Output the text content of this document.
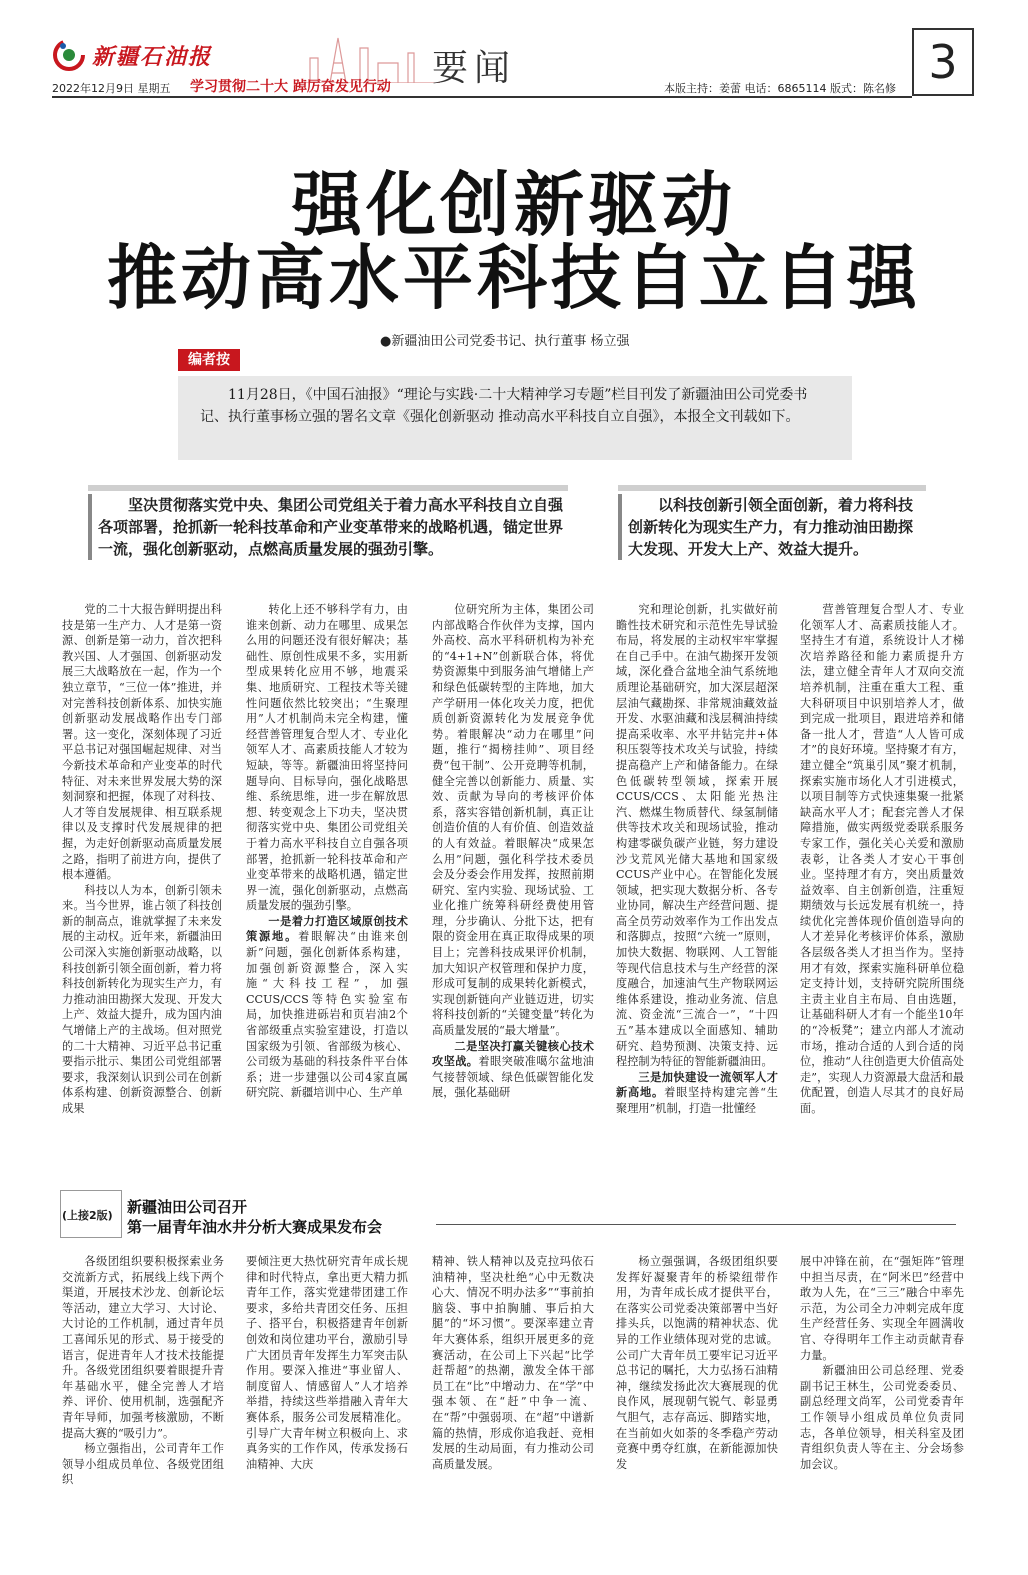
新疆石油报	要闻
2022年12月9日 星期五 学习贯彻二十大 踔厉奋发见行动	本版主持：姜蕾 电话：6865114 版式：陈名修 3
强化创新驱动
推动高水平科技自立自强
●新疆油田公司党委书记、执行董事 杨立强
编者按
11月28日，《中国石油报》“理论与实践·二十大精神学习专题”栏目刊发了新疆油田公司党委书记、执行董事杨立强的署名文章《强化创新驱动 推动高水平科技自立自强》，本报全文刊载如下。
坚决贯彻落实党中央、集团公司党组关于着力高水平科技自立自强各项部署，抢抓新一轮科技革命和产业变革带来的战略机遇，锚定世界一流，强化创新驱动，点燃高质量发展的强劲引擎。
以科技创新引领全面创新，着力将科技创新转化为现实生产力，有力推动油田勘探大发现、开发大上产、效益大提升。

党的二十大报告鲜明提出科技是第一生产力、人才是第一资源、创新是第一动力，首次把科教兴国、人才强国、创新驱动发展三大战略放在一起，作为一个独立章节，“三位一体”推进，并对完善科技创新体系、加快实施创新驱动发展战略作出专门部署。这一变化，深刻体现了习近平总书记对强国崛起规律、对当今新技术革命和产业变革的时代特征、对未来世界发展大势的深刻洞察和把握，体现了对科技、人才等自发展规律、相互联系规律以及支撑时代发展规律的把握，为走好创新驱动高质量发展之路，指明了前进方向，提供了根本遵循。

科技以人为本，创新引领未来。当今世界，谁占领了科技创新的制高点，谁就掌握了未来发展的主动权。近年来，新疆油田公司深入实施创新驱动战略，以科技创新引领全面创新，着力将科技创新转化为现实生产力，有力推动油田勘探大发现、开发大上产、效益大提升，成为国内油气增储上产的主战场。但对照党的二十大精神、习近平总书记重要指示批示、集团公司党组部署要求，我深刻认识到公司在创新体系构建、创新资源整合、创新成果

转化上还不够科学有力，由谁来创新、动力在哪里、成果怎么用的问题还没有很好解决；基础性、原创性成果不多，实用新型成果转化应用不够，地震采集、地质研究、工程技术等关键性问题依然比较突出；“生聚理用”人才机制尚未完全构建，懂经营善管理复合型人才、专业化领军人才、高素质技能人才较为短缺，等等。新疆油田将坚持问题导向、目标导向，强化战略思维、系统思维，进一步在解放思想、转变观念上下功夫，坚决贯彻落实党中央、集团公司党组关于着力高水平科技自立自强各项部署，抢抓新一轮科技革命和产业变革带来的战略机遇，锚定世界一流，强化创新驱动，点燃高质量发展的强劲引擎。

一是着力打造区域原创技术策源地。着眼解决“由谁来创新”问题，强化创新体系构建，加强创新资源整合，深入实施“大科技工程”，加强CCUS/CCS等特色实验室布局，加快推进砾岩和页岩油2个省部级重点实验室建设，打造以国家级为引领、省部级为核心、公司级为基础的科技条件平台体系；进一步建强以公司4家直属研究院、新疆培训中心、生产单

位研究所为主体，集团公司内部战略合作伙伴为支撑，国内外高校、高水平科研机构为补充的“4+1+N”创新联合体，将优势资源集中到服务油气增储上产和绿色低碳转型的主阵地，加大产学研用一体化攻关力度，把优质创新资源转化为发展竞争优势。着眼解决“动力在哪里”问题，推行“揭榜挂帅”、项目经费“包干制”、公开竞聘等机制，健全完善以创新能力、质量、实效、贡献为导向的考核评价体系，落实容错创新机制，真正让创造价值的人有价值、创造效益的人有效益。着眼解决“成果怎么用”问题，强化科学技术委员会及分委会作用发挥，按照前期研究、室内实验、现场试验、工业化推广统筹科研经费使用管理，分步确认、分批下达，把有限的资金用在真正取得成果的项目上；完善科技成果评价机制，加大知识产权管理和保护力度，形成可复制的成果转化新模式，实现创新链向产业链迈进，切实将科技创新的“关键变量”转化为高质量发展的“最大增量”。

二是坚决打赢关键核心技术攻坚战。着眼突破准噶尔盆地油气接替领域、绿色低碳智能化发展，强化基础研

究和理论创新，扎实做好前瞻性技术研究和示范性先导试验布局，将发展的主动权牢牢掌握在自己手中。在油气勘探开发领域，深化叠合盆地全油气系统地质理论基础研究，加大深层超深层油气藏勘探、非常规油藏效益开发、水驱油藏和浅层稠油持续提高采收率、水平井钻完井+体积压裂等技术攻关与试验，持续提高稳产上产和储备能力。在绿色低碳转型领域，探索开展CCUS/CCS、太阳能光热注汽、燃煤生物质替代、绿氢制储供等技术攻关和现场试验，推动构建零碳负碳产业链，努力建设沙戈荒风光储大基地和国家级CCUS产业中心。在智能化发展领域，把实现大数据分析、各专业协同，解决生产经营问题、提高全员劳动效率作为工作出发点和落脚点，按照“六统一”原则，加快大数据、物联网、人工智能等现代信息技术与生产经营的深度融合，加速油气生产物联网运维体系建设，推动业务流、信息流、资金流“三流合一”，“十四五”基本建成以全面感知、辅助研究、趋势预测、决策支持、远程控制为特征的智能新疆油田。

三是加快建设一流领军人才新高地。着眼坚持构建完善“生聚理用”机制，打造一批懂经

营善管理复合型人才、专业化领军人才、高素质技能人才。坚持生才有道，系统设计人才梯次培养路径和能力素质提升方法，建立健全青年人才双向交流培养机制，注重在重大工程、重大科研项目中识别培养人才，做到完成一批项目，跟进培养和储备一批人才，营造“人人皆可成才”的良好环境。坚持聚才有方，建立健全“筑巢引凤”聚才机制，探索实施市场化人才引进模式，以项目制等方式快速集聚一批紧缺高水平人才；配套完善人才保障措施，做实两级党委联系服务专家工作，强化关心关爱和激励表彰，让各类人才安心干事创业。坚持理才有方，突出质量效益效率、自主创新创造，注重短期绩效与长远发展有机统一，持续优化完善体现价值创造导向的人才差异化考核评价体系，激励各层级各类人才担当作为。坚持用才有效，探索实施科研单位稳定支持计划，支持研究院所围绕主责主业自主布局、自由选题，让基础科研人才有一个能坐10年的“冷板凳”；建立内部人才流动市场，推动合适的人到合适的岗位，推动“人往创造更大价值高处走”，实现人力资源最大盘活和最优配置，创造人尽其才的良好局面。

(上接2版) 新疆油田公司召开
第一届青年油水井分析大赛成果发布会

各级团组织要积极探索业务交流新方式，拓展线上线下两个渠道，开展技术沙龙、创新论坛等活动，建立大学习、大讨论、大讨论的工作机制，通过青年员工喜闻乐见的形式、易于接受的语言，促进青年人才技术技能提升。各级党团组织要着眼提升青年基础水平，健全完善人才培养、评价、使用机制，选强配齐青年导师，加强考核激励，不断提高大赛的“吸引力”。

杨立强指出，公司青年工作领导小组成员单位、各级党团组织

要倾注更大热忱研究青年成长规律和时代特点，拿出更大精力抓青年工作，落实党建带团建工作要求，多给共青团交任务、压担子、搭平台，积极搭建青年创新创效和岗位建功平台，激励引导广大团员青年发挥生力军突击队作用。要深入推进“事业留人、制度留人、情感留人”人才培养举措，持续这些举措融入青年大赛体系，服务公司发展精准化。引导广大青年树立积极向上、求真务实的工作作风，传承发扬石油精神、大庆

精神、铁人精神以及克拉玛依石油精神，坚决杜绝“心中无数决心大、情况不明办法多”“事前拍脑袋、事中拍胸脯、事后拍大腿”的“坏习惯”。要深率建立青年大赛体系，组织开展更多的竞赛活动，在公司上下兴起“比学赶帮超”的热潮，激发全体干部员工在“比”中增动力、在“学”中强本领、在“赶”中争一流、在“帮”中强弱项、在“超”中谱新篇的热情，形成你追我赶、竞相发展的生动局面，有力推动公司高质量发展。

杨立强强调，各级团组织要发挥好凝聚青年的桥梁纽带作用，为青年成长成才提供平台，在落实公司党委决策部署中当好排头兵，以饱满的精神状态、优异的工作业绩体现对党的忠诚。公司广大青年员工要牢记习近平总书记的嘱托，大力弘扬石油精神，继续发扬此次大赛展现的优良作风，展现朝气锐气、彰显勇气胆气，志存高远、脚踏实地，在当前如火如荼的冬季稳产劳动竞赛中勇夺红旗，在新能源加快发

展中冲锋在前，在“强矩阵”管理中担当尽责，在“阿米巴”经营中敢为人先，在“三三”融合中率先示范，为公司全力冲刺完成年度生产经营任务、实现全年圆满收官、夺得明年工作主动贡献青春力量。

新疆油田公司总经理、党委副书记王林生，公司党委委员、副总经理文尚军，公司党委青年工作领导小组成员单位负责同志，各单位领导，相关科室及团青组织负责人等在主、分会场参加会议。
